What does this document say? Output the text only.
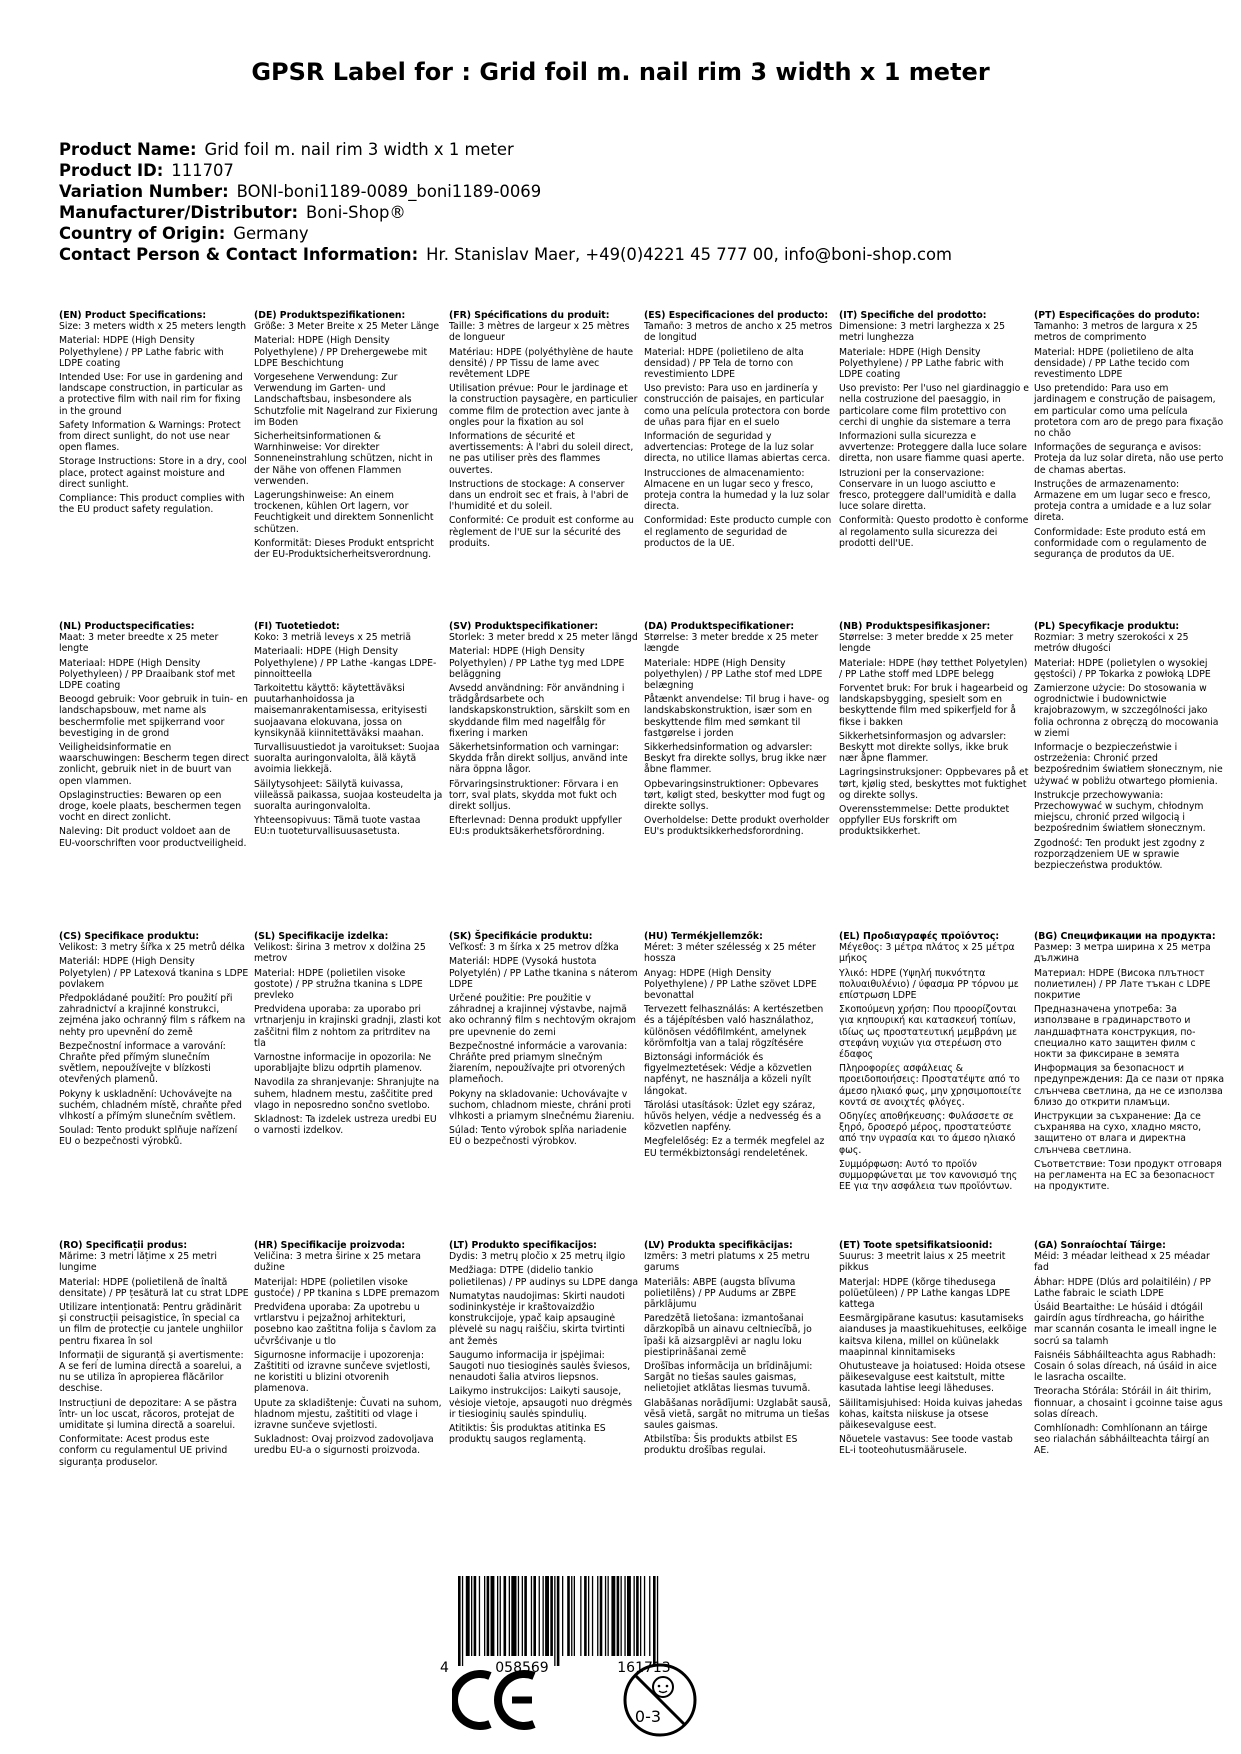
GPSR Label for : Grid foil m. nail rim 3 width x 1 meter
Product Name: Grid foil m. nail rim 3 width x 1 meter
Product ID: 111707
Variation Number: BONI-boni1189-0089_boni1189-0069
Manufacturer/Distributor: Boni-Shop®
Country of Origin: Germany
Contact Person & Contact Information: Hr. Stanislav Maer, +49(0)4221 45 777 00, info@boni-shop.com
(EN) Product Specifications:
Size: 3 meters width x 25 meters length
Material: HDPE (High Density Polyethylene) / PP Lathe fabric with LDPE coating
Intended Use: For use in gardening and landscape construction, in particular as a protective film with nail rim for fixing in the ground
Safety Information & Warnings: Protect from direct sunlight, do not use near open flames.
Storage Instructions: Store in a dry, cool place, protect against moisture and direct sunlight.
Compliance: This product complies with the EU product safety regulation.
(DE) Produktspezifikationen:
Größe: 3 Meter Breite x 25 Meter Länge
Material: HDPE (High Density Polyethylene) / PP Drehergewebe mit LDPE Beschichtung
Vorgesehene Verwendung: Zur Verwendung im Garten- und Landschaftsbau, insbesondere als Schutzfolie mit Nagelrand zur Fixierung im Boden
Sicherheitsinformationen & Warnhinweise: Vor direkter Sonneneinstrahlung schützen, nicht in der Nähe von offenen Flammen verwenden.
Lagerungshinweise: An einem trockenen, kühlen Ort lagern, vor Feuchtigkeit und direktem Sonnenlicht schützen.
Konformität: Dieses Produkt entspricht der EU-Produktsicherheitsverordnung.
(FR) Spécifications du produit:
Taille: 3 mètres de largeur x 25 mètres de longueur
Matériau: HDPE (polyéthylène de haute densité) / PP Tissu de lame avec revêtement LDPE
Utilisation prévue: Pour le jardinage et la construction paysagère, en particulier comme film de protection avec jante à ongles pour la fixation au sol
Informations de sécurité et avertissements: À l'abri du soleil direct, ne pas utiliser près des flammes ouvertes.
Instructions de stockage: A conserver dans un endroit sec et frais, à l'abri de l'humidité et du soleil.
Conformité: Ce produit est conforme au règlement de l'UE sur la sécurité des produits.
(ES) Especificaciones del producto:
Tamaño: 3 metros de ancho x 25 metros de longitud
Material: HDPE (polietileno de alta densidad) / PP Tela de torno con revestimiento LDPE
Uso previsto: Para uso en jardinería y construcción de paisajes, en particular como una película protectora con borde de uñas para fijar en el suelo
Información de seguridad y advertencias: Protege de la luz solar directa, no utilice llamas abiertas cerca.
Instrucciones de almacenamiento: Almacene en un lugar seco y fresco, proteja contra la humedad y la luz solar directa.
Conformidad: Este producto cumple con el reglamento de seguridad de productos de la UE.
(IT) Specifiche del prodotto:
Dimensione: 3 metri larghezza x 25 metri lunghezza
Materiale: HDPE (High Density Polyethylene) / PP Lathe fabric with LDPE coating
Uso previsto: Per l'uso nel giardinaggio e nella costruzione del paesaggio, in particolare come film protettivo con cerchi di unghie da sistemare a terra
Informazioni sulla sicurezza e avvertenze: Proteggere dalla luce solare diretta, non usare fiamme quasi aperte.
Istruzioni per la conservazione: Conservare in un luogo asciutto e fresco, proteggere dall'umidità e dalla luce solare diretta.
Conformità: Questo prodotto è conforme al regolamento sulla sicurezza dei prodotti dell'UE.
(PT) Especificações do produto:
Tamanho: 3 metros de largura x 25 metros de comprimento
Material: HDPE (polietileno de alta densidade) / PP Lathe tecido com revestimento LDPE
Uso pretendido: Para uso em jardinagem e construção de paisagem, em particular como uma película protetora com aro de prego para fixação no chão
Informações de segurança e avisos: Proteja da luz solar direta, não use perto de chamas abertas.
Instruções de armazenamento: Armazene em um lugar seco e fresco, proteja contra a umidade e a luz solar direta.
Conformidade: Este produto está em conformidade com o regulamento de segurança de produtos da UE.
(NL) Productspecificaties:
Maat: 3 meter breedte x 25 meter lengte
Materiaal: HDPE (High Density Polyethyleen) / PP Draaibank stof met LDPE coating
Beoogd gebruik: Voor gebruik in tuin- en landschapsbouw, met name als beschermfolie met spijkerrand voor bevestiging in de grond
Veiligheidsinformatie en waarschuwingen: Bescherm tegen direct zonlicht, gebruik niet in de buurt van open vlammen.
Opslaginstructies: Bewaren op een droge, koele plaats, beschermen tegen vocht en direct zonlicht.
Naleving: Dit product voldoet aan de EU-voorschriften voor productveiligheid.
(FI) Tuotetiedot:
Koko: 3 metriä leveys x 25 metriä
Materiaali: HDPE (High Density Polyethylene) / PP Lathe -kangas LDPE-pinnoitteella
Tarkoitettu käyttö: käytettäväksi puutarhanhoidossa ja maisemanrakentamisessa, erityisesti suojaavana elokuvana, jossa on kynsikynää kiinnitettäväksi maahan.
Turvallisuustiedot ja varoitukset: Suojaa suoralta auringonvalolta, älä käytä avoimia liekkejä.
Säilytysohjeet: Säilytä kuivassa, viileässä paikassa, suojaa kosteudelta ja suoralta auringonvalolta.
Yhteensopivuus: Tämä tuote vastaa EU:n tuoteturvallisuusasetusta.
(SV) Produktspecifikationer:
Storlek: 3 meter bredd x 25 meter längd
Material: HDPE (High Density Polyethylen) / PP Lathe tyg med LDPE beläggning
Avsedd användning: För användning i trädgårdsarbete och landskapskonstruktion, särskilt som en skyddande film med nagelfålg för fixering i marken
Säkerhetsinformation och varningar: Skydda från direkt solljus, använd inte nära öppna lågor.
Förvaringsinstruktioner: Förvara i en torr, sval plats, skydda mot fukt och direkt solljus.
Efterlevnad: Denna produkt uppfyller EU:s produktsäkerhetsförordning.
(DA) Produktspecifikationer:
Størrelse: 3 meter bredde x 25 meter længde
Materiale: HDPE (High Density polyethylen) / PP Lathe stof med LDPE belægning
Påtænkt anvendelse: Til brug i have- og landskabskonstruktion, især som en beskyttende film med sømkant til fastgørelse i jorden
Sikkerhedsinformation og advarsler: Beskyt fra direkte sollys, brug ikke nær åbne flammer.
Opbevaringsinstruktioner: Opbevares tørt, køligt sted, beskytter mod fugt og direkte sollys.
Overholdelse: Dette produkt overholder EU's produktsikkerhedsforordning.
(NB) Produktspesifikasjoner:
Størrelse: 3 meter bredde x 25 meter lengde
Materiale: HDPE (høy tetthet Polyetylen) / PP Lathe stoff med LDPE belegg
Forventet bruk: For bruk i hagearbeid og landskapsbygging, spesielt som en beskyttende film med spikerfjeld for å fikse i bakken
Sikkerhetsinformasjon og advarsler: Beskytt mot direkte sollys, ikke bruk nær åpne flammer.
Lagringsinstruksjoner: Oppbevares på et tørt, kjølig sted, beskyttes mot fuktighet og direkte sollys.
Overensstemmelse: Dette produktet oppfyller EUs forskrift om produktsikkerhet.
(PL) Specyfikacje produktu:
Rozmiar: 3 metry szerokości x 25 metrów długości
Materiał: HDPE (polietylen o wysokiej gęstości) / PP Tokarka z powłoką LDPE
Zamierzone użycie: Do stosowania w ogrodnictwie i budownictwie krajobrazowym, w szczególności jako folia ochronna z obręczą do mocowania w ziemi
Informacje o bezpieczeństwie i ostrzeżenia: Chronić przed bezpośrednim światłem słonecznym, nie używać w pobliżu otwartego płomienia.
Instrukcje przechowywania: Przechowywać w suchym, chłodnym miejscu, chronić przed wilgocią i bezpośrednim światłem słonecznym.
Zgodność: Ten produkt jest zgodny z rozporządzeniem UE w sprawie bezpieczeństwa produktów.
(CS) Specifikace produktu:
Velikost: 3 metry šířka x 25 metrů délka
Materiál: HDPE (High Density Polyetylen) / PP Latexová tkanina s LDPE povlakem
Předpokládané použití: Pro použití při zahradnictví a krajinné konstrukci, zejména jako ochranný film s ráfkem na nehty pro upevnění do země
Bezpečnostní informace a varování: Chraňte před přímým slunečním světlem, nepoužívejte v blízkosti otevřených plamenů.
Pokyny k uskladnění: Uchovávejte na suchém, chladném místě, chraňte před vlhkostí a přímým slunečním světlem.
Soulad: Tento produkt splňuje nařízení EU o bezpečnosti výrobků.
(SL) Specifikacije izdelka:
Velikost: širina 3 metrov x dolžina 25 metrov
Material: HDPE (polietilen visoke gostote) / PP stružna tkanina s LDPE prevleko
Predvidena uporaba: za uporabo pri vrtnarjenju in krajinski gradnji, zlasti kot zaščitni film z nohtom za pritrditev na tla
Varnostne informacije in opozorila: Ne uporabljajte blizu odprtih plamenov.
Navodila za shranjevanje: Shranjujte na suhem, hladnem mestu, zaščitite pred vlago in neposredno sončno svetlobo.
Skladnost: Ta izdelek ustreza uredbi EU o varnosti izdelkov.
(SK) Špecifikácie produktu:
Veľkosť: 3 m šírka x 25 metrov dĺžka
Materiál: HDPE (Vysoká hustota Polyetylén) / PP Lathe tkanina s náterom LDPE
Určené použitie: Pre použitie v záhradnej a krajinnej výstavbe, najmä ako ochranný film s nechtovým okrajom pre upevnenie do zemi
Bezpečnostné informácie a varovania: Chráňte pred priamym slnečným žiarením, nepoužívajte pri otvorených plameňoch.
Pokyny na skladovanie: Uchovávajte v suchom, chladnom mieste, chráni proti vlhkosti a priamym slnečnému žiareniu.
Súlad: Tento výrobok spĺňa nariadenie EÚ o bezpečnosti výrobkov.
(HU) Termékjellemzők:
Méret: 3 méter szélesség x 25 méter hossza
Anyag: HDPE (High Density Polyethylene) / PP Lathe szövet LDPE bevonattal
Tervezett felhasználás: A kertészetben és a tájépítésben való használathoz, különösen védőfilmként, amelynek körömfoltja van a talaj rögzítésére
Biztonsági információk és figyelmeztetések: Védje a közvetlen napfényt, ne használja a közeli nyílt lángokat.
Tárolási utasítások: Üzlet egy száraz, hűvös helyen, védje a nedvesség és a közvetlen napfény.
Megfelelőség: Ez a termék megfelel az EU termékbiztonsági rendeletének.
(EL) Προδιαγραφές προϊόντος:
Μέγεθος: 3 μέτρα πλάτος x 25 μέτρα μήκος
Υλικό: HDPE (Υψηλή πυκνότητα πολυαιθυλένιο) / ύφασμα PP τόρνου με επίστρωση LDPE
Σκοπούμενη χρήση: Που προορίζονται για κηπουρική και κατασκευή τοπίων, ιδίως ως προστατευτική μεμβράνη με στεφάνη νυχιών για στερέωση στο έδαφος
Πληροφορίες ασφάλειας & προειδοποιήσεις: Προστατέψτε από το άμεσο ηλιακό φως, μην χρησιμοποιείτε κοντά σε ανοιχτές φλόγες.
Οδηγίες αποθήκευσης: Φυλάσσετε σε ξηρό, δροσερό μέρος, προστατεύστε από την υγρασία και το άμεσο ηλιακό φως.
Συμμόρφωση: Αυτό το προϊόν συμμορφώνεται με τον κανονισμό της ΕΕ για την ασφάλεια των προϊόντων.
(BG) Спецификации на продукта:
Размер: 3 метра ширина x 25 метра дължина
Материал: HDPE (Висока плътност полиетилен) / PP Лате тъкан с LDPE покритие
Предназначена употреба: За използване в градинарството и ландшафтната конструкция, по-специално като защитен филм с нокти за фиксиране в земята
Информация за безопасност и предупреждения: Да се пази от пряка слънчева светлина, да не се използва близо до открити пламъци.
Инструкции за съхранение: Да се съхранява на сухо, хладно място, защитено от влага и директна слънчева светлина.
Съответствие: Този продукт отговаря на регламента на ЕС за безопасност на продуктите.
(RO) Specificații produs:
Mărime: 3 metri lățime x 25 metri lungime
Material: HDPE (polietilenă de înaltă densitate) / PP țesătură lat cu strat LDPE
Utilizare intenționată: Pentru grădinărit și construcții peisagistice, în special ca un film de protecție cu jantele unghiilor pentru fixarea în sol
Informații de siguranță și avertismente: A se feri de lumina directă a soarelui, a nu se utiliza în apropierea flăcărilor deschise.
Instrucțiuni de depozitare: A se păstra într- un loc uscat, răcoros, protejat de umiditate și lumina directă a soarelui.
Conformitate: Acest produs este conform cu regulamentul UE privind siguranța produselor.
(HR) Specifikacije proizvoda:
Veličina: 3 metra širine x 25 metara dužine
Materijal: HDPE (polietilen visoke gustoće) / PP tkanina s LDPE premazom
Predviđena uporaba: Za upotrebu u vrtlarstvu i pejzažnoj arhitekturi, posebno kao zaštitna folija s čavlom za učvršćivanje u tlo
Sigurnosne informacije i upozorenja: Zaštititi od izravne sunčeve svjetlosti, ne koristiti u blizini otvorenih plamenova.
Upute za skladištenje: Čuvati na suhom, hladnom mjestu, zaštititi od vlage i izravne sunčeve svjetlosti.
Sukladnost: Ovaj proizvod zadovoljava uredbu EU-a o sigurnosti proizvoda.
(LT) Produkto specifikacijos:
Dydis: 3 metrų pločio x 25 metrų ilgio
Medžiaga: DTPE (didelio tankio polietilenas) / PP audinys su LDPE danga
Numatytas naudojimas: Skirti naudoti sodininkystėje ir kraštovaizdžio konstrukcijoje, ypač kaip apsauginė plėvelė su nagų raiščiu, skirta tvirtinti ant žemės
Saugumo informacija ir įspėjimai: Saugoti nuo tiesioginės saulės šviesos, nenaudoti šalia atviros liepsnos.
Laikymo instrukcijos: Laikyti sausoje, vėsioje vietoje, apsaugoti nuo drėgmės ir tiesioginių saulės spindulių.
Atitiktis: Šis produktas atitinka ES produktų saugos reglamentą.
(LV) Produkta specifikācijas:
Izmērs: 3 metri platums x 25 metru garums
Materiāls: ABPE (augsta blīvuma polietilēns) / PP Audums ar ZBPE pārklājumu
Paredzētā lietošana: izmantošanai dārzkopībā un ainavu celtniecībā, jo īpaši kā aizsargplēvi ar naglu loku piestiprināšanai zemē
Drošības informācija un brīdinājumi: Sargāt no tiešas saules gaismas, nelietojiet atklātas liesmas tuvumā.
Glabāšanas norādījumi: Uzglabāt sausā, vēsā vietā, sargāt no mitruma un tiešas saules gaismas.
Atbilstība: Šis produkts atbilst ES produktu drošības regulai.
(ET) Toote spetsifikatsioonid:
Suurus: 3 meetrit laius x 25 meetrit pikkus
Materjal: HDPE (kõrge tihedusega polüetüleen) / PP Lathe kangas LDPE kattega
Eesmärgipärane kasutus: kasutamiseks aianduses ja maastikuehituses, eelkõige kaitsva kilena, millel on küünelakk maapinnal kinnitamiseks
Ohutusteave ja hoiatused: Hoida otsese päikesevalguse eest kaitstult, mitte kasutada lahtise leegi läheduses.
Säilitamisjuhised: Hoida kuivas jahedas kohas, kaitsta niiskuse ja otsese päikesevalguse eest.
Nõuetele vastavus: See toode vastab EL-i tooteohutusmäärusele.
(GA) Sonraíochtaí Táirge:
Méid: 3 méadar leithead x 25 méadar fad
Ábhar: HDPE (Dlús ard polaitiléin) / PP Lathe fabraic le sciath LDPE
Úsáid Beartaithe: Le húsáid i dtógáil gairdín agus tírdhreacha, go háirithe mar scannán cosanta le imeall ingne le socrú sa talamh
Faisnéis Sábháilteachta agus Rabhadh: Cosain ó solas díreach, ná úsáid in aice le lasracha oscailte.
Treoracha Stórála: Stóráil in áit thirim, fionnuar, a chosaint i gcoinne taise agus solas díreach.
Comhlíonadh: Comhlíonann an táirge seo rialachán sábháilteachta táirgí an AE.
4	058569	161713
0-3
